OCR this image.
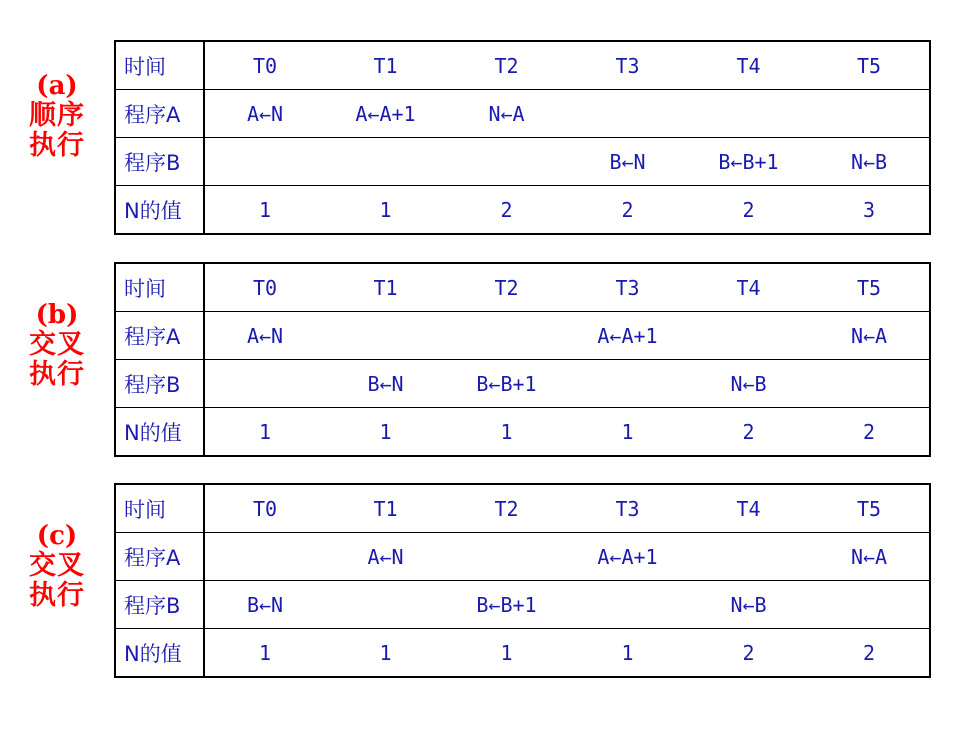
(a)
顺序
执行
时间	T0	T1	T2	T3	T4	T5
程序A	A←N	A←A+1	N←A			
程序B				B←N	B←B+1	N←B
N的值	1	1	2	2	2	3
(b)
交叉
执行
时间	T0	T1	T2	T3	T4	T5
程序A	A←N			A←A+1		N←A
程序B		B←N	B←B+1		N←B	
N的值	1	1	1	1	2	2
(c)
交叉
执行
时间	T0	T1	T2	T3	T4	T5
程序A		A←N		A←A+1		N←A
程序B	B←N		B←B+1		N←B	
N的值	1	1	1	1	2	2
